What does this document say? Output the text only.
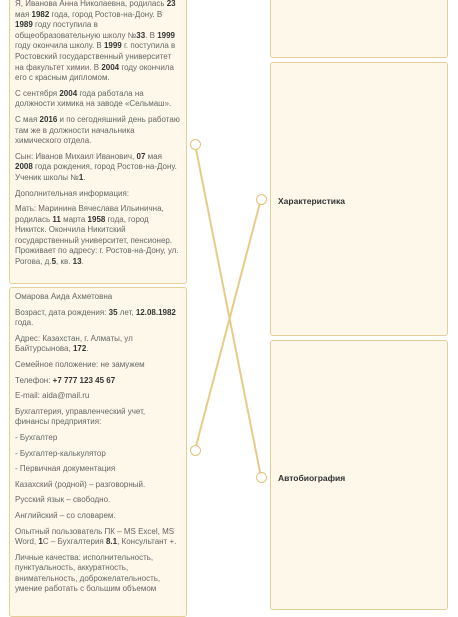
Я, Иванова Анна Николаевна, родилась 23 мая 1982 года, город Ростов-на-Дону. В 1989 году поступила в общеобразовательную школу №33. В 1999 году окончила школу. В 1999 г. поступила в Ростовский государственный университет на факультет химии. В 2004 году окончила его с красным дипломом.

С сентября 2004 года работала на должности химика на заводе «Сельмаш».

С мая 2016 и по сегодняшний день работаю там же в должности начальника химического отдела.

Сын: Иванов Михаил Иванович, 07 мая 2008 года рождения, город Ростов-на-Дону. Ученик школы №1.

Дополнительная информация:

Мать: Маринина Вячеслава Ильинична, родилась 11 марта 1958 года, город Никитск. Окончила Никитский государственный университет, пенсионер. Проживает по адресу: г. Ростов-на-Дону, ул. Рогова, д.5, кв. 13.

Омарова Аида Ахметовна

Возраст, дата рождения: 35 лет, 12.08.1982 года.

Адрес: Казахстан, г. Алматы, ул Байтурсынова, 172.

Семейное положение: не замужем

Телефон: +7 777 123 45 67

E-mail: aida@mail.ru

Бухгалтерия, управленческий учет, финансы предприятия:

- Бухгалтер

- Бухгалтер-калькулятор

- Первичная документация

Казахский (родной) – разговорный.

Русский язык – свободно.

Английский – со словарем.

Опытный пользователь ПК – MS Excel, MS Word, 1С – Бухгалтерия 8.1, Консультант +.

Личные качества: исполнительность, пунктуальность, аккуратность, внимательность, доброжелательность, умение работать с большим объемом

Характеристика
Автобиография
